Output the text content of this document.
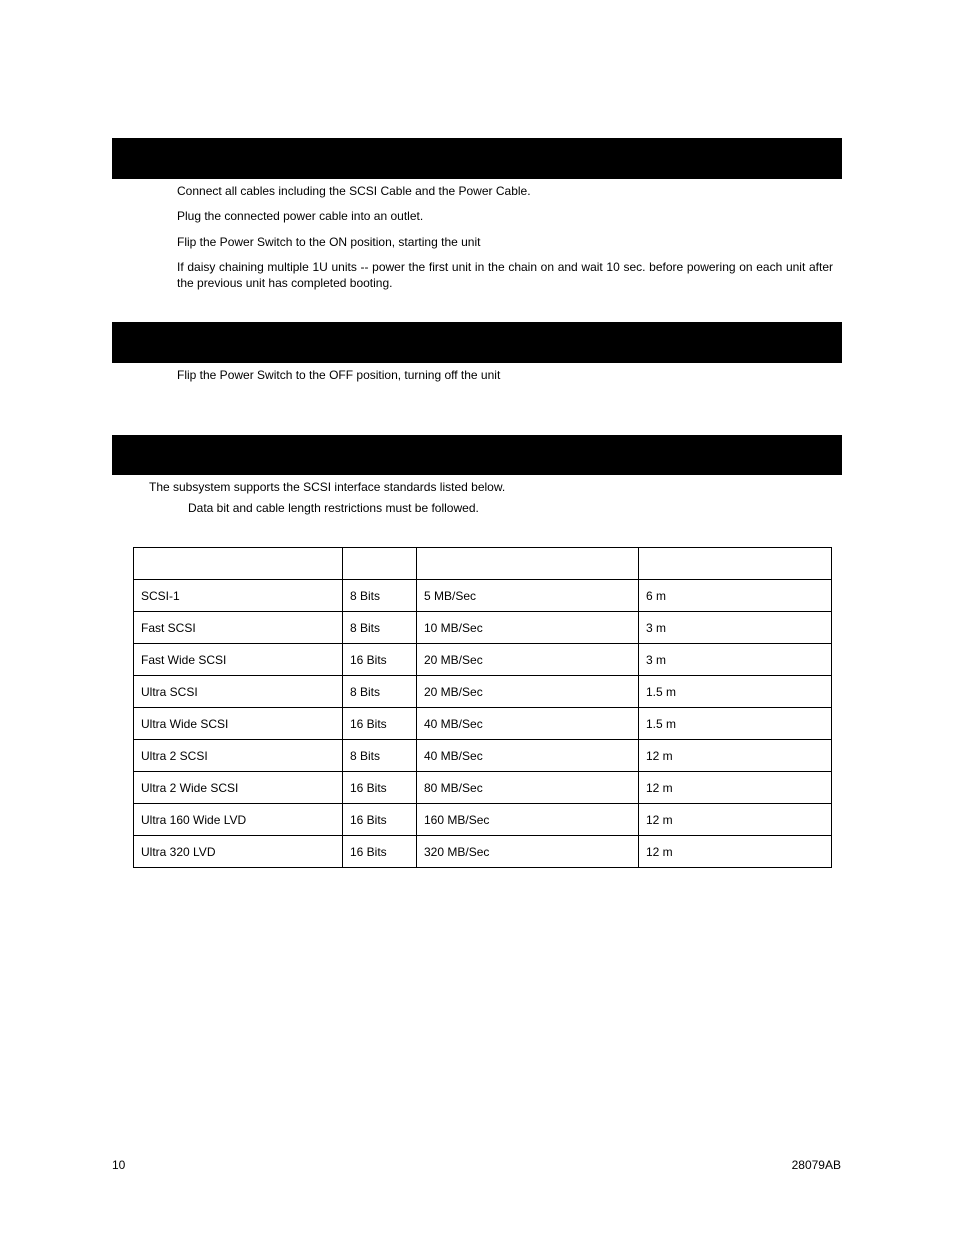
Connect all cables including the SCSI Cable and the Power Cable.
Plug the connected power cable into an outlet.
Flip the Power Switch to the ON position, starting the unit
If daisy chaining multiple 1U units -- power the first unit in the chain on and wait 10 sec. before powering on each unit after the previous unit has completed booting.
Flip the Power Switch to the OFF position, turning off the unit
The subsystem supports the SCSI interface standards listed below.
Data bit and cable length restrictions must be followed.

SCSI-1	8 Bits	5 MB/Sec	6 m
Fast SCSI	8 Bits	10 MB/Sec	3 m
Fast Wide SCSI	16 Bits	20 MB/Sec	3 m
Ultra SCSI	8 Bits	20 MB/Sec	1.5 m
Ultra Wide SCSI	16 Bits	40 MB/Sec	1.5 m
Ultra 2 SCSI	8 Bits	40 MB/Sec	12 m
Ultra 2 Wide SCSI	16 Bits	80 MB/Sec	12 m
Ultra 160 Wide LVD	16 Bits	160 MB/Sec	12 m
Ultra 320 LVD	16 Bits	320 MB/Sec	12 m
10	28079AB
